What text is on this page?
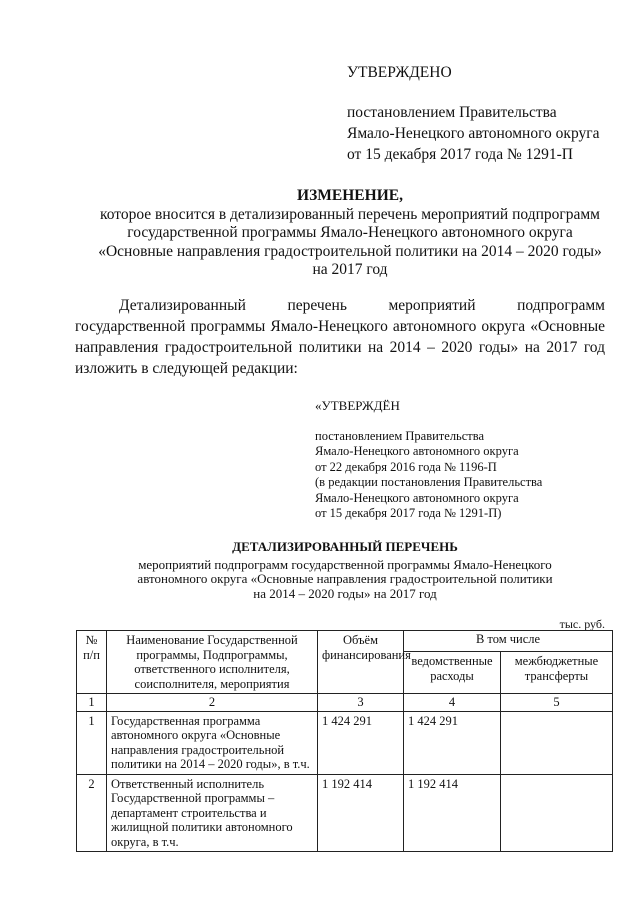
УТВЕРЖДЕНО
постановлением Правительства
Ямало-Ненецкого автономного округа
от 15 декабря 2017 года № 1291-П
ИЗМЕНЕНИЕ,
которое вносится в детализированный перечень мероприятий подпрограмм
государственной программы Ямало-Ненецкого автономного округа
«Основные направления градостроительной политики на 2014 – 2020 годы»
на 2017 год
Детализированный перечень мероприятий подпрограмм государственной программы Ямало-Ненецкого автономного округа «Основные направления градостроительной политики на 2014 – 2020 годы» на 2017 год изложить в следующей редакции:
«УТВЕРЖДЁН
постановлением Правительства
Ямало-Ненецкого автономного округа
от 22 декабря 2016 года № 1196-П
(в редакции постановления Правительства
Ямало-Ненецкого автономного округа
от 15 декабря 2017 года № 1291-П)
ДЕТАЛИЗИРОВАННЫЙ ПЕРЕЧЕНЬ
мероприятий подпрограмм государственной программы Ямало-Ненецкого
автономного округа «Основные направления градостроительной политики
на 2014 – 2020 годы» на 2017 год
тыс. руб.
№ п/п	Наименование Государственной программы, Подпрограммы, ответственного исполнителя, соисполнителя, мероприятия	Объём финансирования	В том числе	
			ведомственные расходы	межбюджетные трансферты
1	2	3	4	5
1	Государственная программа автономного округа «Основные направления градостроительной политики на 2014 – 2020 годы», в т.ч.	1 424 291	1 424 291	
2	Ответственный исполнитель Государственной программы – департамент строительства и жилищной политики автономного округа, в т.ч.	1 192 414	1 192 414	
